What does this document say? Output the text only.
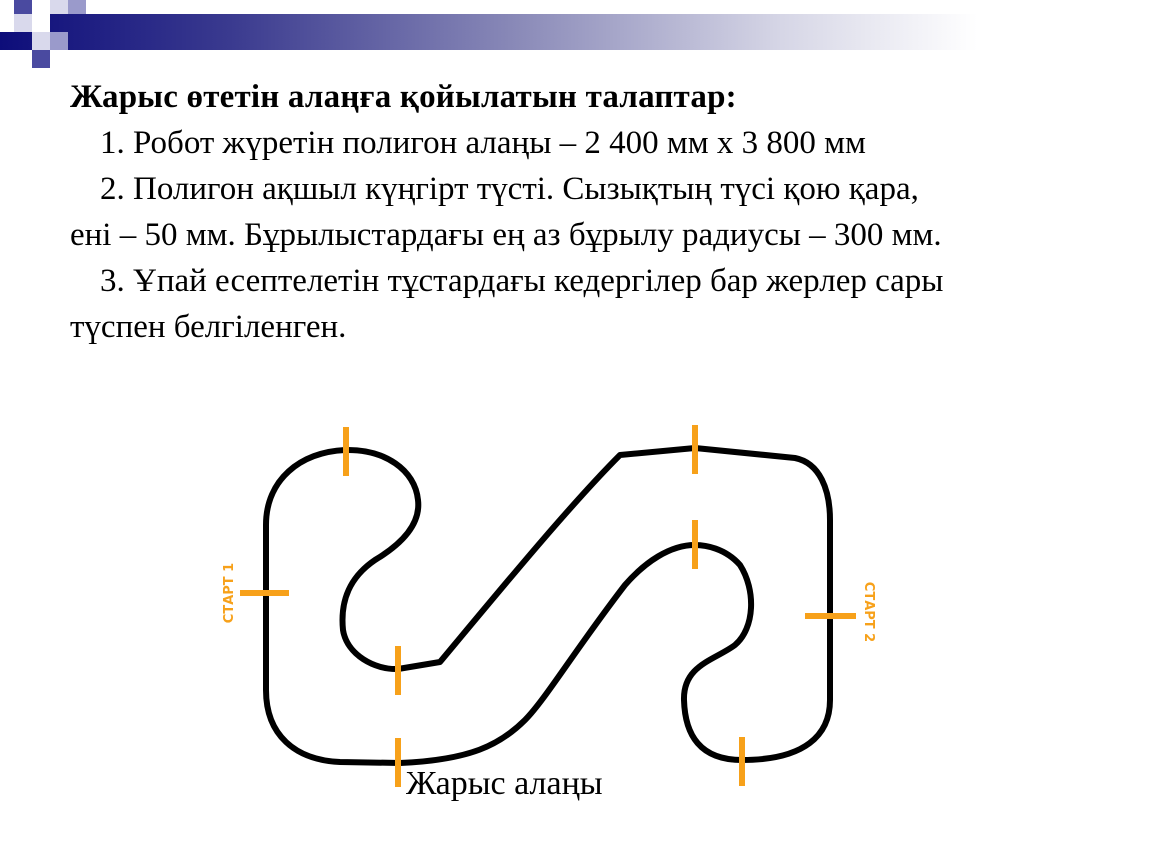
Жарыс өтетін алаңға қойылатын талаптар:

1. Робот жүретін полигон алаңы – 2 400 мм х 3 800 мм

2. Полигон ақшыл күңгірт түсті. Сызықтың түсі қою қара,

ені – 50 мм. Бұрылыстардағы ең аз бұрылу радиусы – 300 мм.

3. Ұпай есептелетін тұстардағы кедергілер бар жерлер сары

түспен белгіленген.

СТАРТ 1	СТАРТ 2
Жарыс алаңы
